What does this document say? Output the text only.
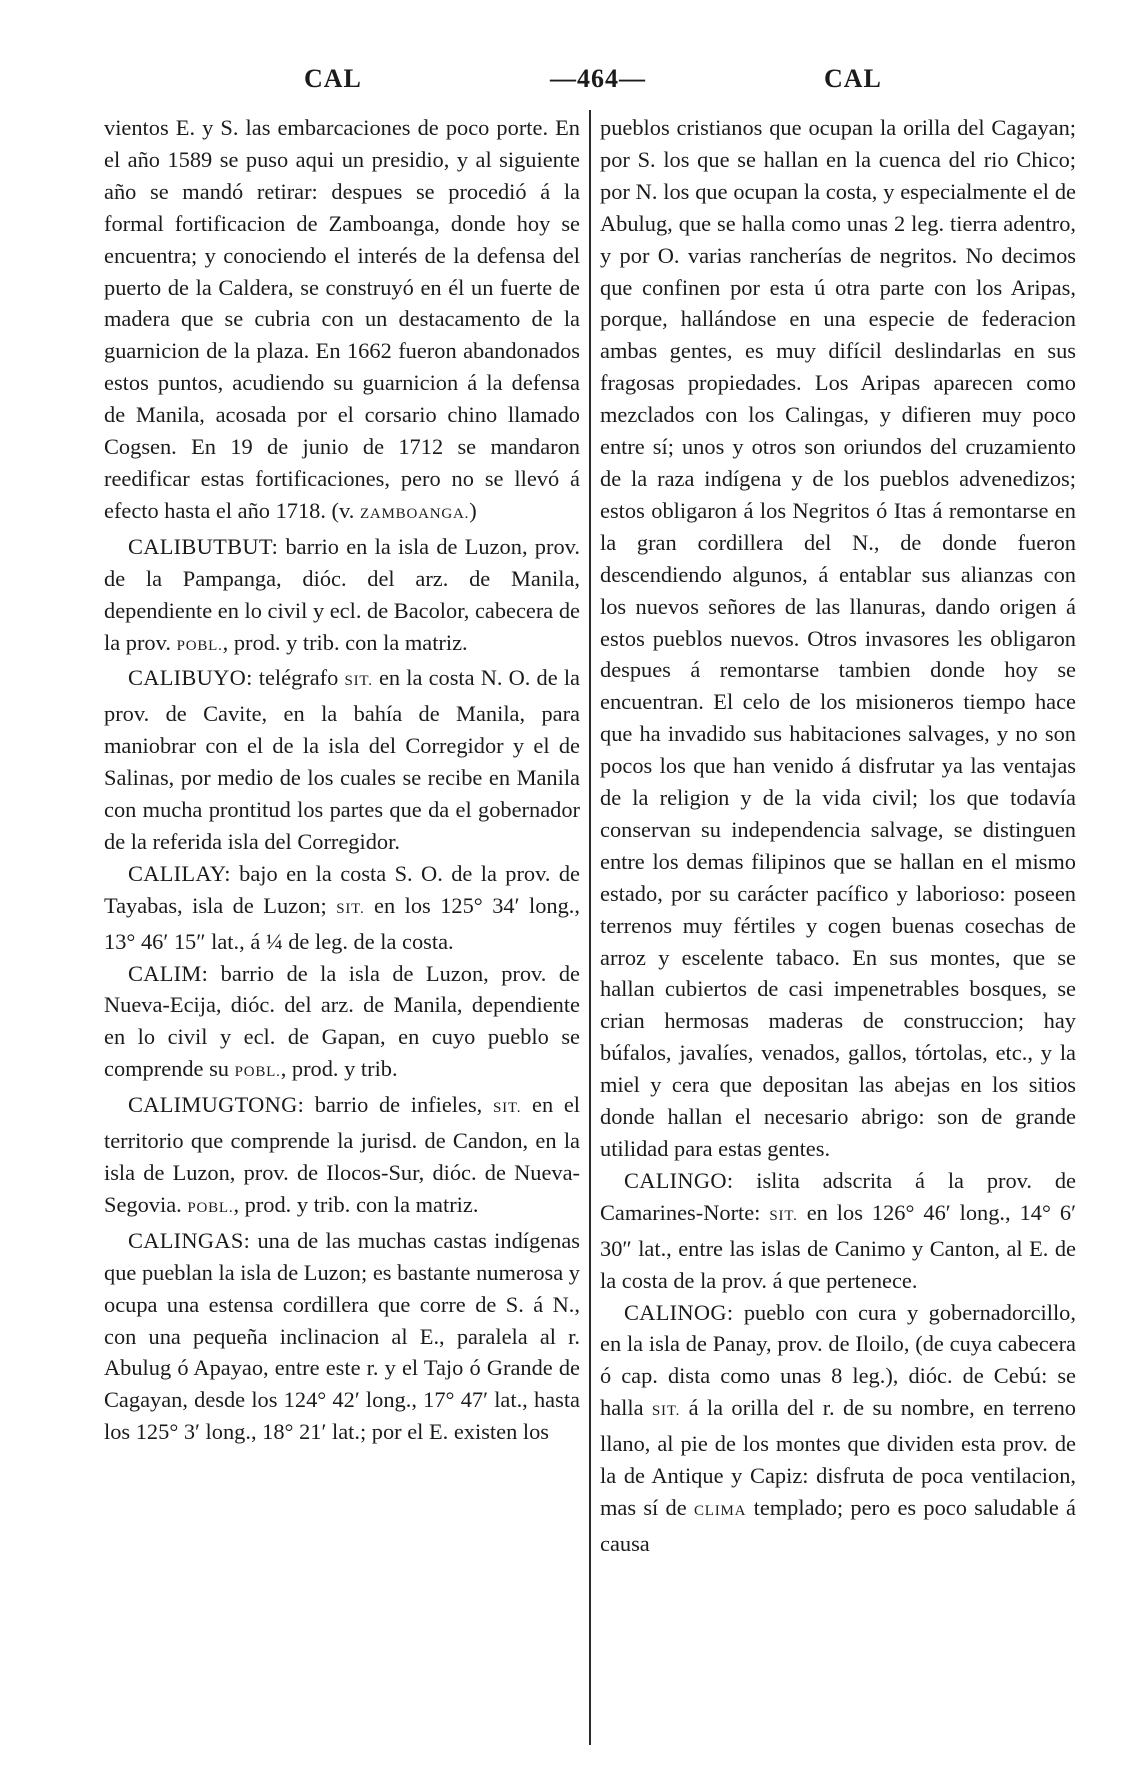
CAL	—464—	CAL

vientos E. y S. las embarcaciones de poco porte. En el año 1589 se puso aqui un presidio, y al siguiente año se mandó retirar: despues se procedió á la formal fortificacion de Zamboanga, donde hoy se encuentra; y conociendo el interés de la defensa del puerto de la Caldera, se construyó en él un fuerte de madera que se cubria con un destacamento de la guarnicion de la plaza. En 1662 fueron abandonados estos puntos, acudiendo su guarnicion á la defensa de Manila, acosada por el corsario chino llamado Cogsen. En 19 de junio de 1712 se mandaron reedificar estas fortificaciones, pero no se llevó á efecto hasta el año 1718. (v. ZAMBOANGA.)

CALIBUTBUT: barrio en la isla de Luzon, prov. de la Pampanga, dióc. del arz. de Manila, dependiente en lo civil y ecl. de Bacolor, cabecera de la prov. POBL., prod. y trib. con la matriz.

CALIBUYO: telégrafo SIT. en la costa N. O. de la prov. de Cavite, en la bahía de Manila, para maniobrar con el de la isla del Corregidor y el de Salinas, por medio de los cuales se recibe en Manila con mucha prontitud los partes que da el gobernador de la referida isla del Corregidor.

CALILAY: bajo en la costa S. O. de la prov. de Tayabas, isla de Luzon; SIT. en los 125° 34′ long., 13° 46′ 15″ lat., á ¼ de leg. de la costa.

CALIM: barrio de la isla de Luzon, prov. de Nueva-Ecija, dióc. del arz. de Manila, dependiente en lo civil y ecl. de Gapan, en cuyo pueblo se comprende su POBL., prod. y trib.

CALIMUGTONG: barrio de infieles, SIT. en el territorio que comprende la jurisd. de Candon, en la isla de Luzon, prov. de Ilocos-Sur, dióc. de Nueva-Segovia. POBL., prod. y trib. con la matriz.

CALINGAS: una de las muchas castas indígenas que pueblan la isla de Luzon; es bastante numerosa y ocupa una estensa cordillera que corre de S. á N., con una pequeña inclinacion al E., paralela al r. Abulug ó Apayao, entre este r. y el Tajo ó Grande de Cagayan, desde los 124° 42′ long., 17° 47′ lat., hasta los 125° 3′ long., 18° 21′ lat.; por el E. existen los

pueblos cristianos que ocupan la orilla del Cagayan; por S. los que se hallan en la cuenca del rio Chico; por N. los que ocupan la costa, y especialmente el de Abulug, que se halla como unas 2 leg. tierra adentro, y por O. varias rancherías de negritos. No decimos que confinen por esta ú otra parte con los Aripas, porque, hallándose en una especie de federacion ambas gentes, es muy difícil deslindarlas en sus fragosas propiedades. Los Aripas aparecen como mezclados con los Calingas, y difieren muy poco entre sí; unos y otros son oriundos del cruzamiento de la raza indígena y de los pueblos advenedizos; estos obligaron á los Negritos ó Itas á remontarse en la gran cordillera del N., de donde fueron descendiendo algunos, á entablar sus alianzas con los nuevos señores de las llanuras, dando origen á estos pueblos nuevos. Otros invasores les obligaron despues á remontarse tambien donde hoy se encuentran. El celo de los misioneros tiempo hace que ha invadido sus habitaciones salvages, y no son pocos los que han venido á disfrutar ya las ventajas de la religion y de la vida civil; los que todavía conservan su independencia salvage, se distinguen entre los demas filipinos que se hallan en el mismo estado, por su carácter pacífico y laborioso: poseen terrenos muy fértiles y cogen buenas cosechas de arroz y escelente tabaco. En sus montes, que se hallan cubiertos de casi impenetrables bosques, se crian hermosas maderas de construccion; hay búfalos, javalíes, venados, gallos, tórtolas, etc., y la miel y cera que depositan las abejas en los sitios donde hallan el necesario abrigo: son de grande utilidad para estas gentes.

CALINGO: islita adscrita á la prov. de Camarines-Norte: SIT. en los 126° 46′ long., 14° 6′ 30″ lat., entre las islas de Canimo y Canton, al E. de la costa de la prov. á que pertenece.

CALINOG: pueblo con cura y gobernadorcillo, en la isla de Panay, prov. de Iloilo, (de cuya cabecera ó cap. dista como unas 8 leg.), dióc. de Cebú: se halla SIT. á la orilla del r. de su nombre, en terreno llano, al pie de los montes que dividen esta prov. de la de Antique y Capiz: disfruta de poca ventilacion, mas sí de CLIMA templado; pero es poco saludable á causa
